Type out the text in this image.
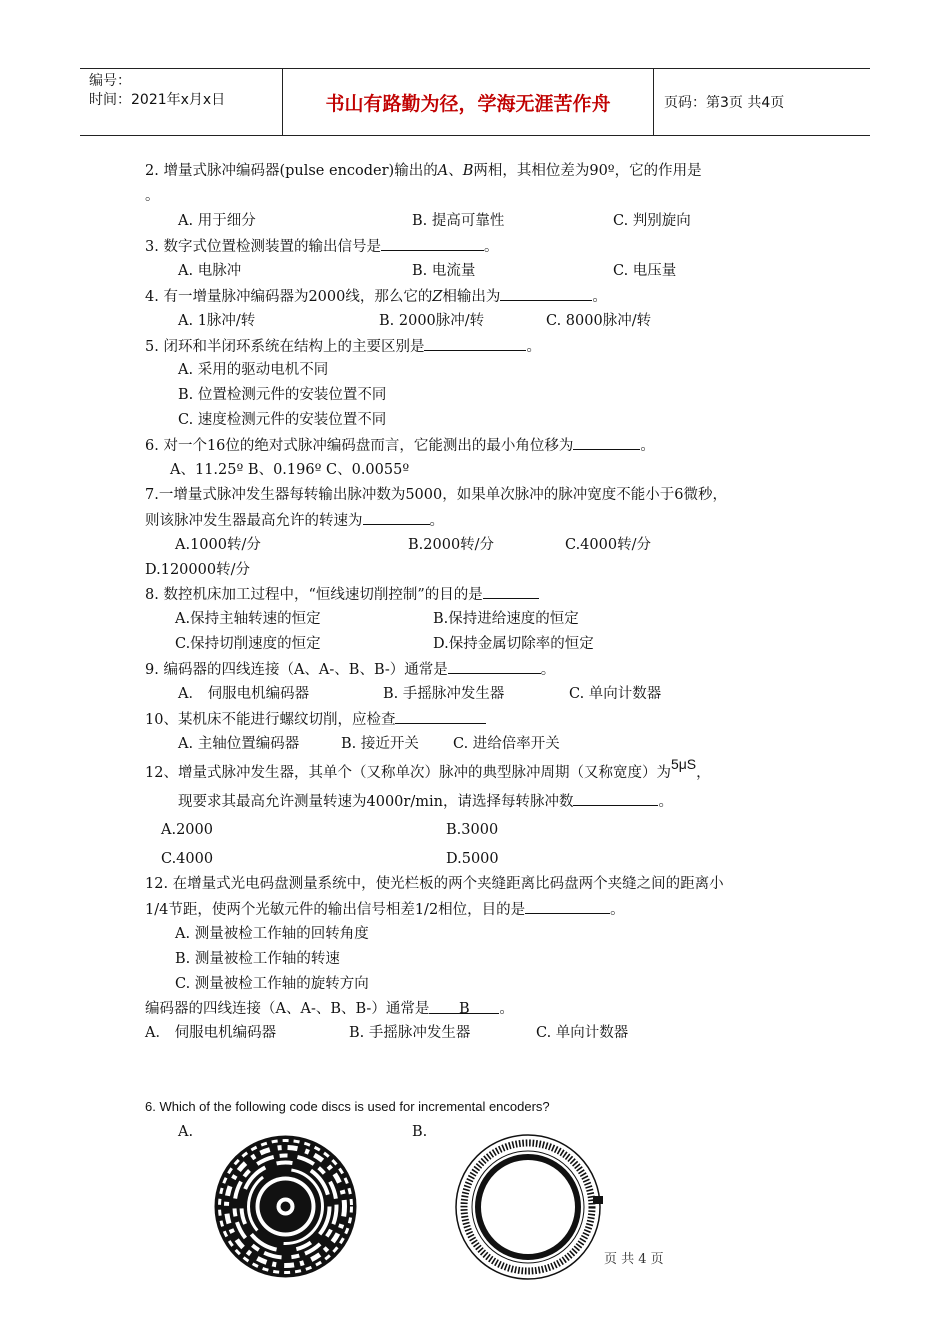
编号：
时间：2021年x月x日	书山有路勤为径，学海无涯苦作舟	页码：第3页 共4页
2. 增量式脉冲编码器(pulse encoder)输出的A、B两相，其相位差为90º，它的作用是
。
A. 用于细分	B. 提高可靠性	C. 判别旋向
3. 数字式位置检测装置的输出信号是	。
A. 电脉冲	B. 电流量	C. 电压量
4. 有一增量脉冲编码器为2000线，那么它的Z相输出为	。
A. 1脉冲/转	B. 2000脉冲/转	C. 8000脉冲/转
5. 闭环和半闭环系统在结构上的主要区别是	。
A. 采用的驱动电机不同
B. 位置检测元件的安装位置不同
C. 速度检测元件的安装位置不同
6. 对一个16位的绝对式脉冲编码盘而言，它能测出的最小角位移为	。
A、11.25º B、0.196º C、0.0055º
7.一增量式脉冲发生器每转输出脉冲数为5000，如果单次脉冲的脉冲宽度不能小于6微秒，
则该脉冲发生器最高允许的转速为	。
A.1000转/分	B.2000转/分	C.4000转/分
D.120000转/分
8. 数控机床加工过程中，“恒线速切削控制”的目的是
A.保持主轴转速的恒定	B.保持进给速度的恒定
C.保持切削速度的恒定	D.保持金属切除率的恒定
9. 编码器的四线连接（A、A-、B、B-）通常是	。
A． 伺服电机编码器	B. 手摇脉冲发生器	C. 单向计数器
10、某机床不能进行螺纹切削，应检查
A. 主轴位置编码器	B. 接近开关 C. 进给倍率开关
12、增量式脉冲发生器，其单个（又称单次）脉冲的典型脉冲周期（又称宽度）为5μS，
现要求其最高允许测量转速为4000r/min，请选择每转脉冲数	。
A.2000	B.3000
C.4000	D.5000
12. 在增量式光电码盘测量系统中，使光栏板的两个夹缝距离比码盘两个夹缝之间的距离小
1/4节距，使两个光敏元件的输出信号相差1/2相位，目的是	。
A. 测量被检工作轴的回转角度
B. 测量被检工作轴的转速
C. 测量被检工作轴的旋转方向
编码器的四线连接（A、A-、B、B-）通常是 B 。
A． 伺服电机编码器	B. 手摇脉冲发生器	C. 单向计数器
6. Which of the following code discs is used for incremental encoders?
A.	B.
页 共 4 页
